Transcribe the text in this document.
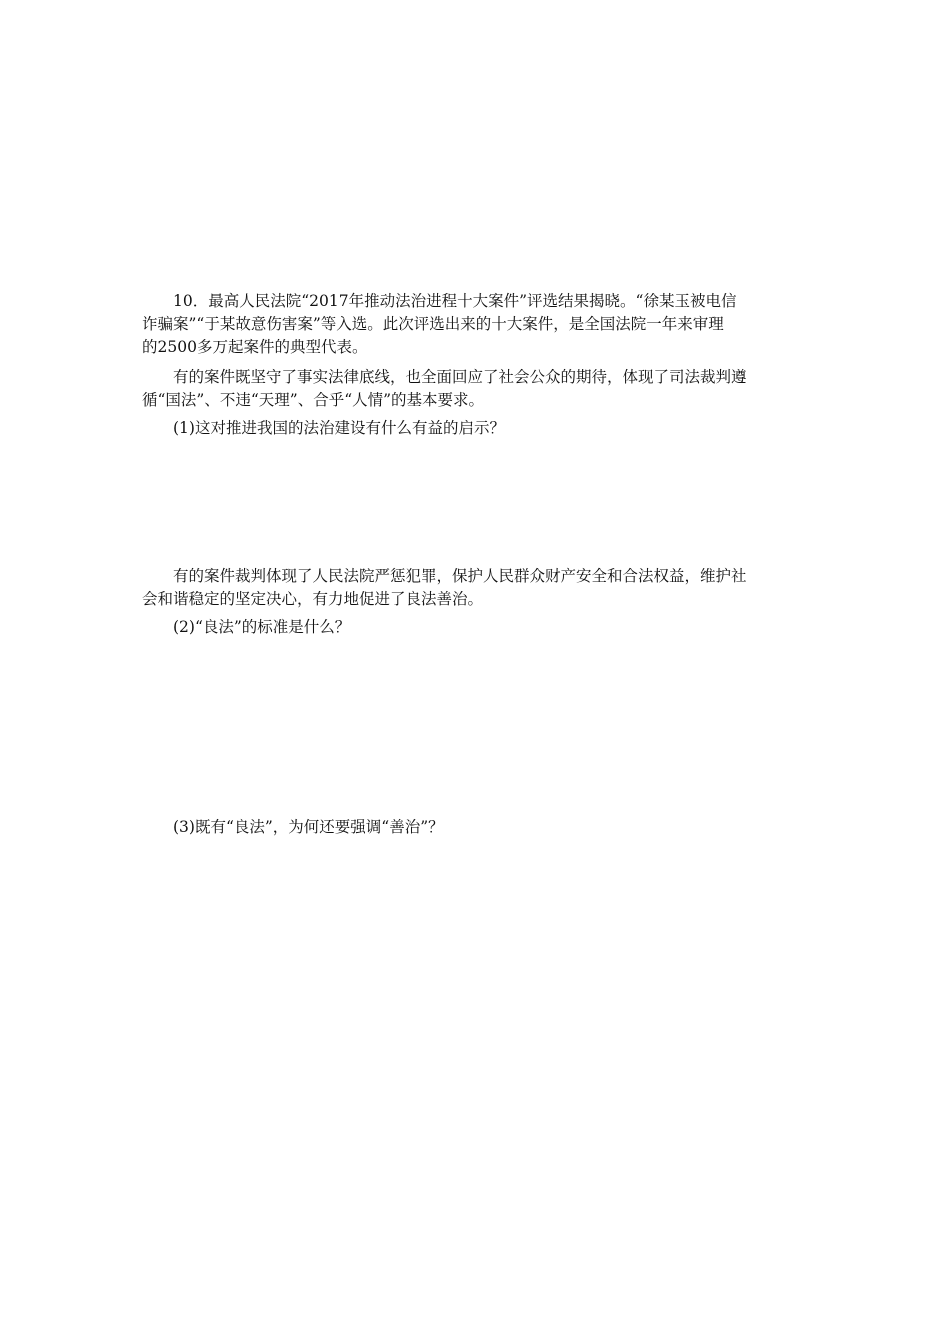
10．最高人民法院“2017年推动法治进程十大案件”评选结果揭晓。“徐某玉被电信
诈骗案”“于某故意伤害案”等入选。此次评选出来的十大案件，是全国法院一年来审理
的2500多万起案件的典型代表。
有的案件既坚守了事实法律底线，也全面回应了社会公众的期待，体现了司法裁判遵
循“国法”、不违“天理”、合乎“人情”的基本要求。

(1)这对推进我国的法治建设有什么有益的启示？

有的案件裁判体现了人民法院严惩犯罪，保护人民群众财产安全和合法权益，维护社
会和谐稳定的坚定决心，有力地促进了良法善治。

(2)“良法”的标准是什么？

(3)既有“良法”，为何还要强调“善治”？
